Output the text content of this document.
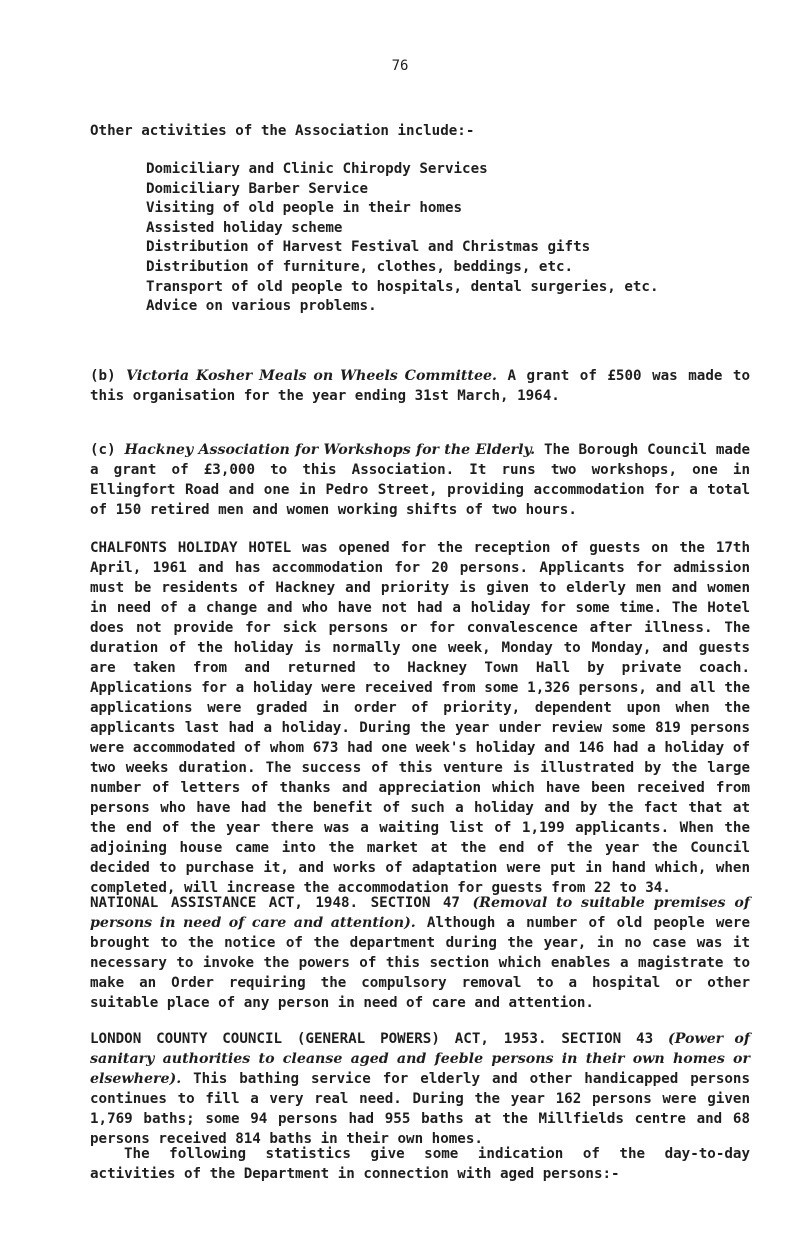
76
Other activities of the Association include:-
Domiciliary and Clinic Chiropdy Services
Domiciliary Barber Service
Visiting of old people in their homes
Assisted holiday scheme
Distribution of Harvest Festival and Christmas gifts
Distribution of furniture, clothes, beddings, etc.
Transport of old people to hospitals, dental surgeries, etc.
Advice on various problems.

(b) Victoria Kosher Meals on Wheels Committee. A grant of £500 was made to this organisation for the year ending 31st March, 1964.

(c) Hackney Association for Workshops for the Elderly. The Borough Council made a grant of £3,000 to this Association. It runs two workshops, one in Ellingfort Road and one in Pedro Street, providing accommodation for a total of 150 retired men and women working shifts of two hours.

CHALFONTS HOLIDAY HOTEL was opened for the reception of guests on the 17th April, 1961 and has accommodation for 20 persons. Applicants for admission must be residents of Hackney and priority is given to elderly men and women in need of a change and who have not had a holiday for some time. The Hotel does not provide for sick persons or for convalescence after illness. The duration of the holiday is normally one week, Monday to Monday, and guests are taken from and returned to Hackney Town Hall by private coach. Applications for a holiday were received from some 1,326 persons, and all the applications were graded in order of priority, dependent upon when the applicants last had a holiday. During the year under review some 819 persons were accommodated of whom 673 had one week's holiday and 146 had a holiday of two weeks duration. The success of this venture is illustrated by the large number of letters of thanks and appreciation which have been received from persons who have had the benefit of such a holiday and by the fact that at the end of the year there was a waiting list of 1,199 applicants. When the adjoining house came into the market at the end of the year the Council decided to purchase it, and works of adaptation were put in hand which, when completed, will increase the accommodation for guests from 22 to 34.

NATIONAL ASSISTANCE ACT, 1948. SECTION 47 (Removal to suitable premises of persons in need of care and attention). Although a number of old people were brought to the notice of the department during the year, in no case was it necessary to invoke the powers of this section which enables a magistrate to make an Order requiring the compulsory removal to a hospital or other suitable place of any person in need of care and attention.

LONDON COUNTY COUNCIL (GENERAL POWERS) ACT, 1953. SECTION 43 (Power of sanitary authorities to cleanse aged and feeble persons in their own homes or elsewhere). This bathing service for elderly and other handicapped persons continues to fill a very real need. During the year 162 persons were given 1,769 baths; some 94 persons had 955 baths at the Millfields centre and 68 persons received 814 baths in their own homes.

The following statistics give some indication of the day-to-day activities of the Department in connection with aged persons:-
